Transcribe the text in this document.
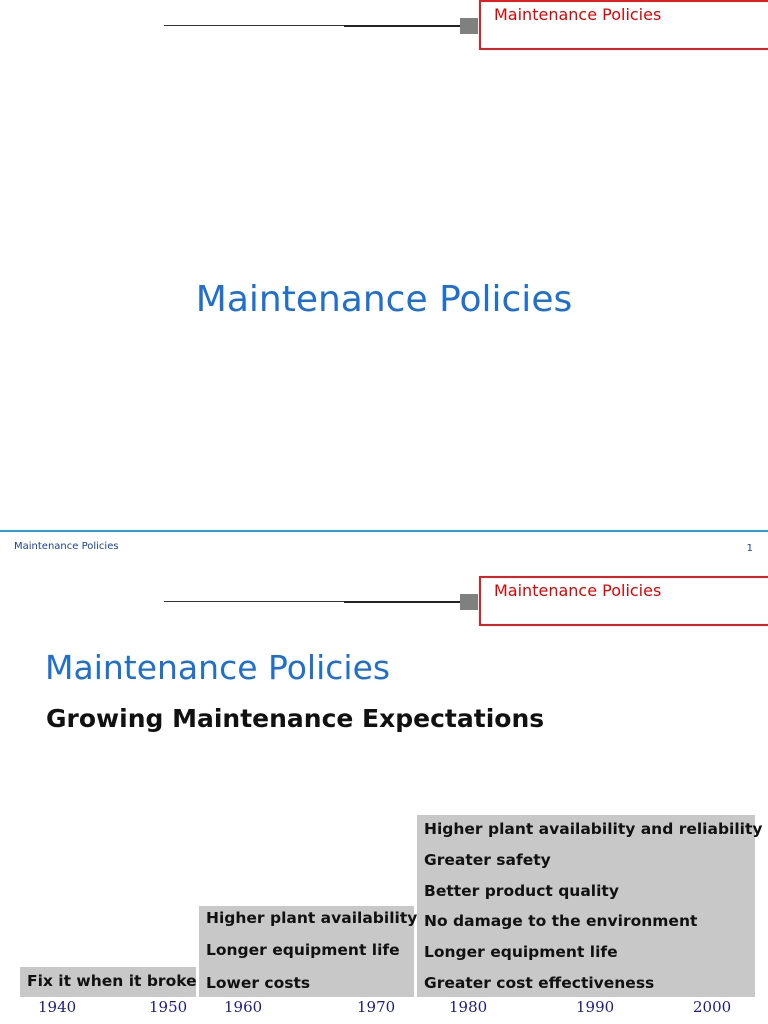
Maintenance Policies
Maintenance Policies
Maintenance Policies	1
Maintenance Policies
Maintenance Policies
Growing Maintenance Expectations
Fix it when it broke
Higher plant availability
Longer equipment life
Lower costs
Higher plant availability and reliability
Greater safety
Better product quality
No damage to the environment
Longer equipment life
Greater cost effectiveness
1940	1950 1960	1970	1980	1990	2000
